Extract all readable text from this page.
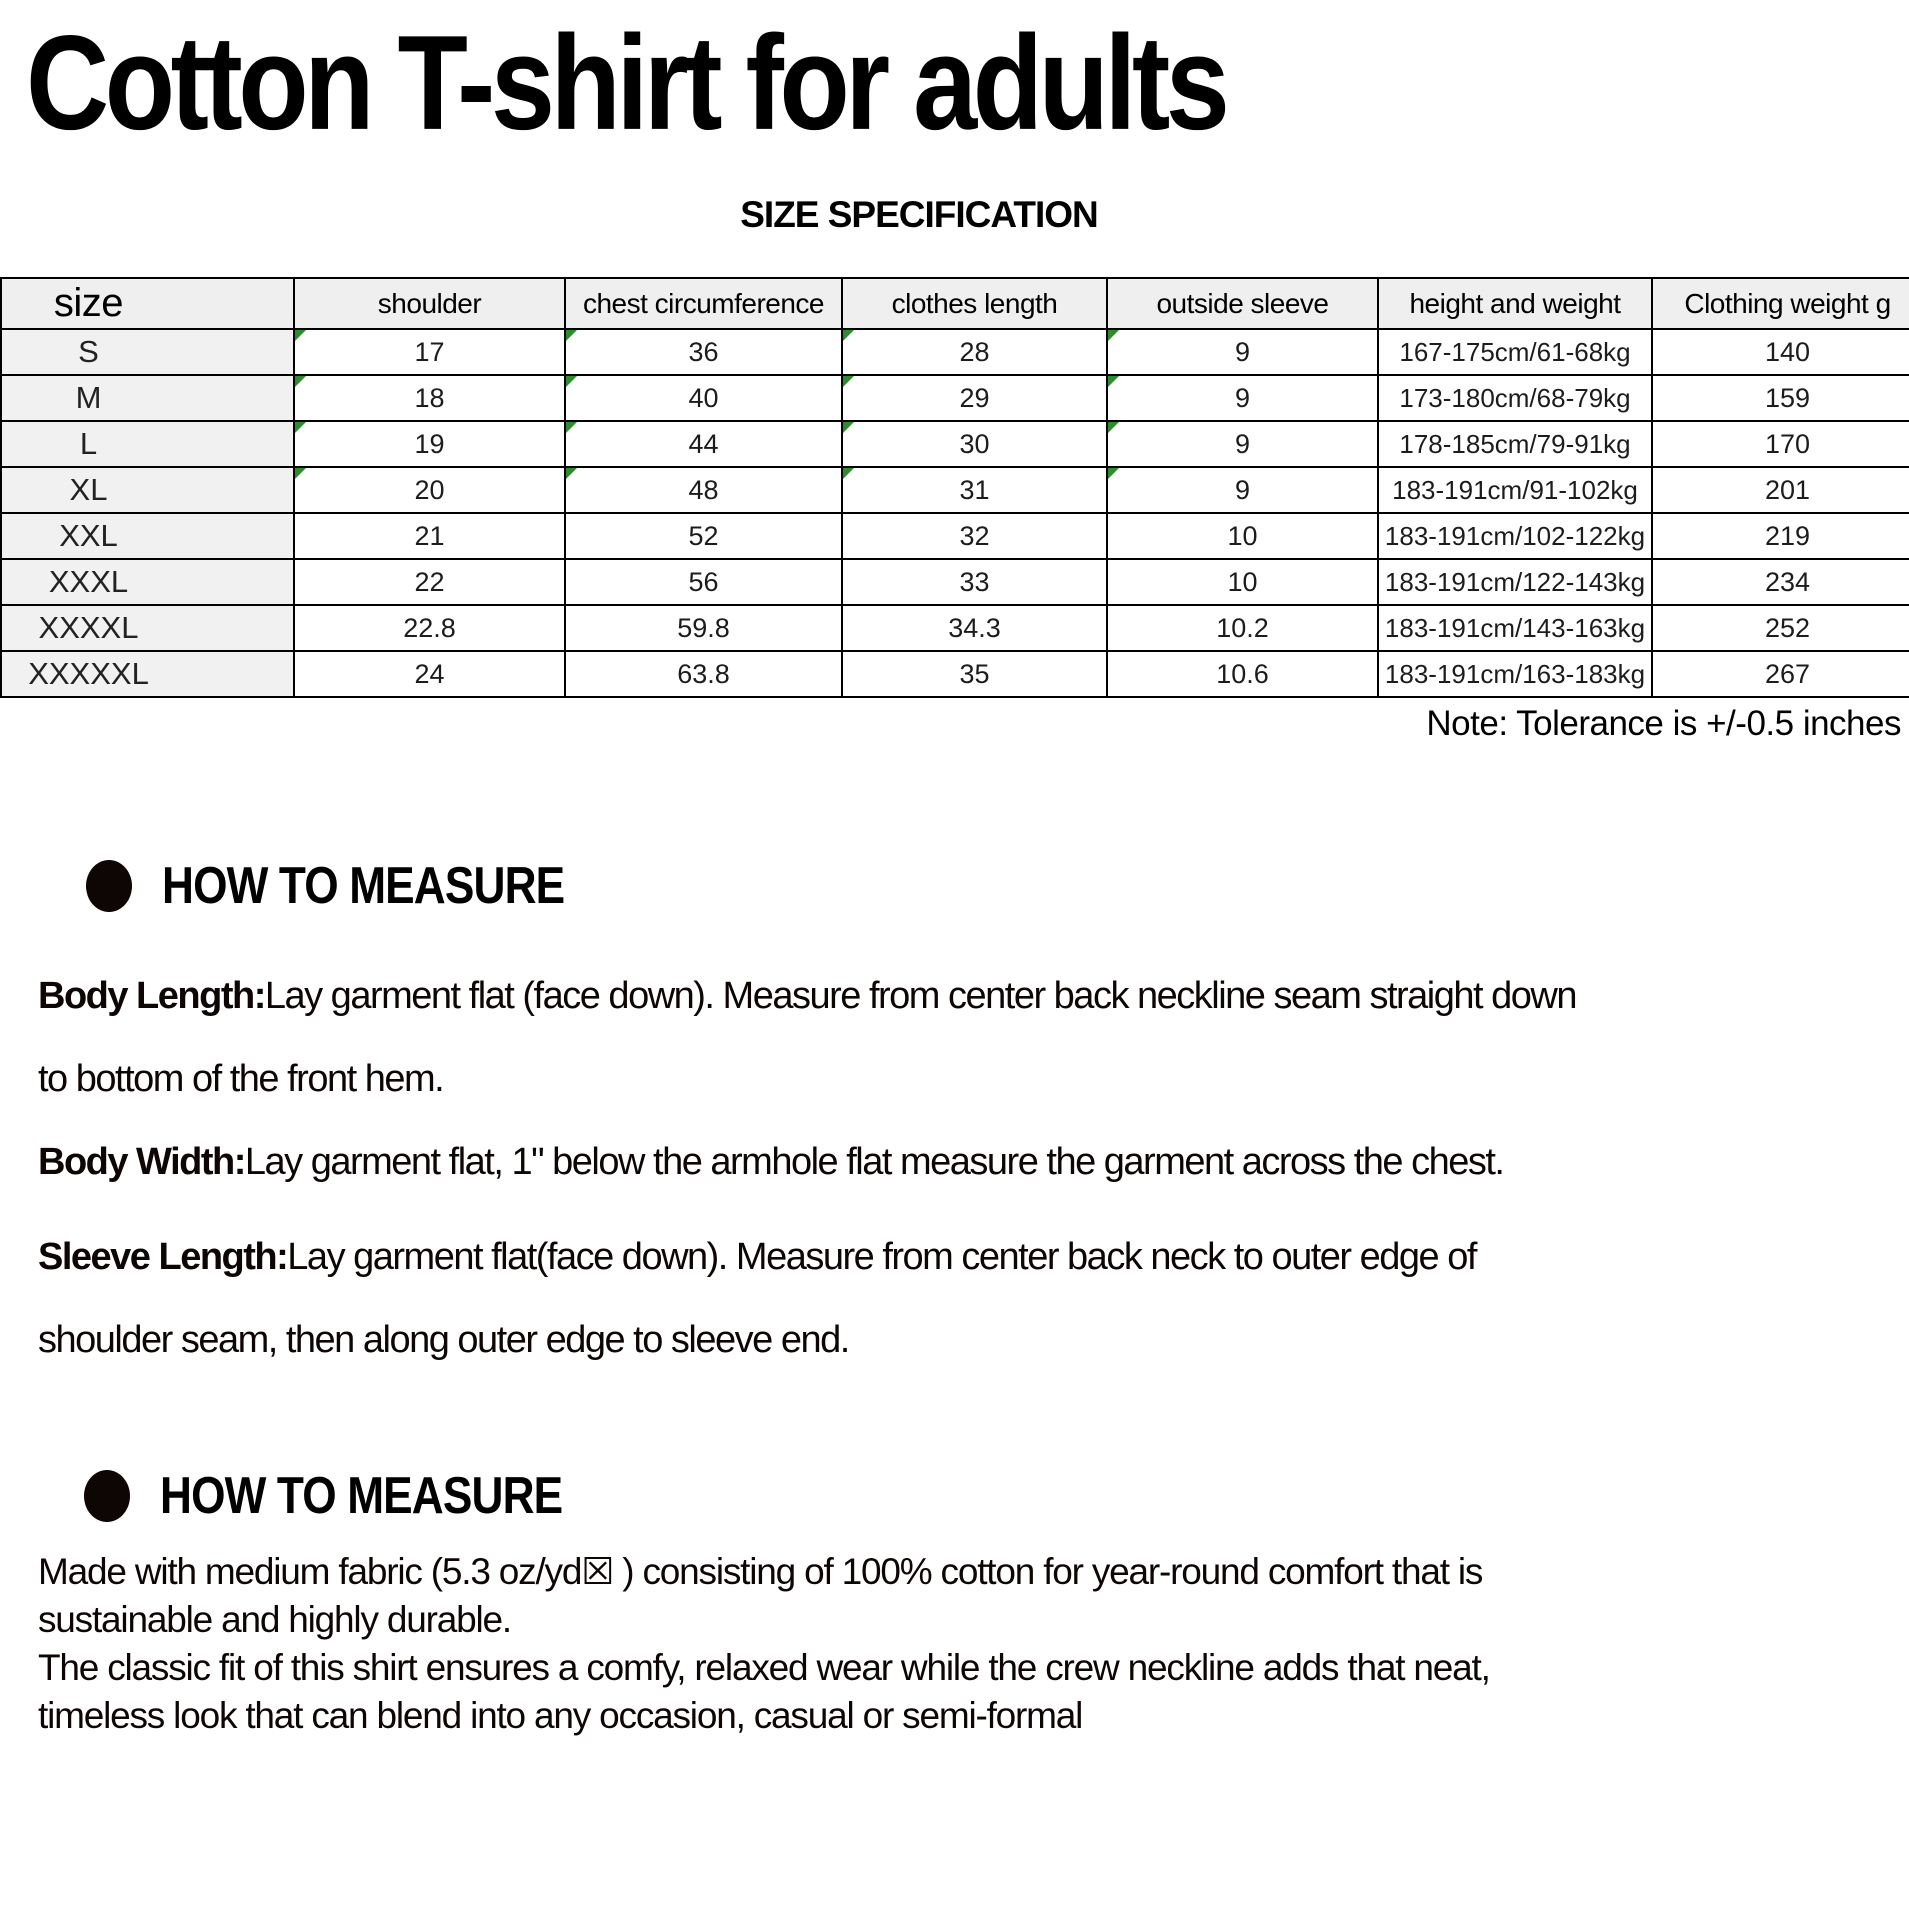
Cotton T-shirt for adults
SIZE SPECIFICATION
size	shoulder	chest circumference	clothes length	outside sleeve	height and weight	Clothing weight g
S	17	36	28	9	167-175cm/61-68kg	140
M	18	40	29	9	173-180cm/68-79kg	159
L	19	44	30	9	178-185cm/79-91kg	170
XL	20	48	31	9	183-191cm/91-102kg	201
XXL	21	52	32	10	183-191cm/102-122kg	219
XXXL	22	56	33	10	183-191cm/122-143kg	234
XXXXL	22.8	59.8	34.3	10.2	183-191cm/143-163kg	252
XXXXXL	24	63.8	35	10.6	183-191cm/163-183kg	267

Note: Tolerance is +/-0.5 inches

HOW TO MEASURE

Body Length:Lay garment flat (face down). Measure from center back neckline seam straight down to bottom of the front hem.

Body Width:Lay garment flat, 1" below the armhole flat measure the garment across the chest.

Sleeve Length:Lay garment flat(face down). Measure from center back neck to outer edge of shoulder seam, then along outer edge to sleeve end.

HOW TO MEASURE

Made with medium fabric (5.3 oz/yd☒ ) consisting of 100% cotton for year-round comfort that is sustainable and highly durable.

The classic fit of this shirt ensures a comfy, relaxed wear while the crew neckline adds that neat, timeless look that can blend into any occasion, casual or semi-formal
